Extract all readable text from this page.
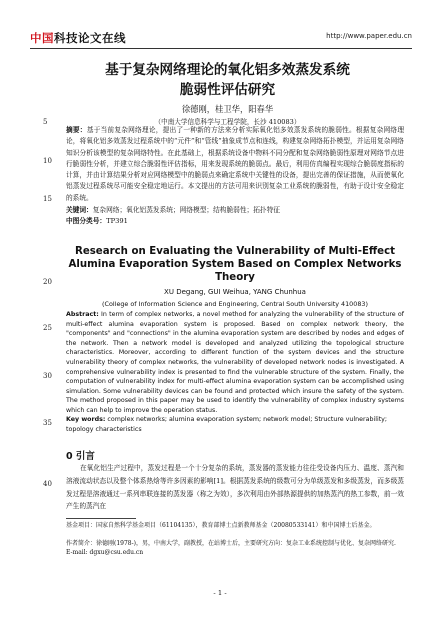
中国科技论文在线	http://www.paper.edu.cn
5
10
15
20
25
30
35
40
基于复杂网络理论的氧化铝多效蒸发系统
脆弱性评估研究
徐德刚，桂卫华，阳春华
（中南大学信息科学与工程学院，长沙 410083）
摘要：基于当前复杂网络理论，提出了一种新的方法来分析实际氧化铝多效蒸发系统的脆弱性。根据复杂网络理论，将氧化铝多效蒸发过程系统中的“元件”和“管线”抽象成节点和连线，构建复杂网络拓扑模型，并运用复杂网络知识分析该模型的复杂网络特性。在此基础上，根据系统设备中物料不同分配和复杂网络脆弱性原理对网络节点进行脆弱性分析，并建立综合脆弱性评估指标，用来发现系统的脆弱点。最后，利用仿真编程实现综合脆弱度指标的计算，并由计算结果分析对应网络模型中的脆弱点来确定系统中关键性的设备，提出完善的保证措施，从而使氧化铝蒸发过程系统尽可能安全稳定地运行。本文提出的方法可用来识别复杂工业系统的脆弱性，有助于设计安全稳定的系统。
关键词：复杂网络；氧化铝蒸发系统；网络模型；结构脆弱性；拓扑特征
中图分类号：TP391
Research on Evaluating the Vulnerability of Multi-Effect Alumina Evaporation System Based on Complex Networks Theory
XU Degang, GUI Weihua, YANG Chunhua
(College of Information Science and Engineering, Central South University 410083)
Abstract: In term of complex networks, a novel method for analyzing the vulnerability of the structure of multi-effect alumina evaporation system is proposed. Based on complex network theory, the "components" and "connections" in the alumina evaporation system are described by nodes and edges of the network. Then a network model is developed and analyzed utilizing the topological structure characteristics. Moreover, according to different function of the system devices and the structure vulnerability theory of complex networks, the vulnerability of developed network nodes is investigated. A comprehensive vulnerability index is presented to find the vulnerable structure of the system. Finally, the computation of vulnerability index for multi-effect alumina evaporation system can be accomplished using simulation. Some vulnerability devices can be found and protected which insure the safety of the system. The method proposed in this paper may be used to identify the vulnerability of complex industry systems which can help to improve the operation status.
Key words: complex networks; alumina evaporation system; network model; Structure vulnerability; topology characteristics
0 引言
在氧化铝生产过程中，蒸发过程是一个十分复杂的系统，蒸发器的蒸发能力往往受设备内压力、温度、蒸汽和溶液流动状态以及整个体系热焓等许多因素的影响[1]。根据蒸发系统的级数可分为单级蒸发和多级蒸发，而多级蒸发过程是溶液通过一系列串联连接的蒸发器（称之为效），多次利用由外部热源提供的加热蒸汽的热工参数，前一效产生的蒸汽在
基金项目：国家自然科学基金项目（61104135），教育部博士点新教师基金（20080533141）和中国博士后基金。
作者简介：徐德刚(1978-)，男，中南大学，副教授，在站博士后，主要研究方向：复杂工业系统控制与优化、复杂网络研究. E-mail: dgxu@csu.edu.cn
- 1 -
